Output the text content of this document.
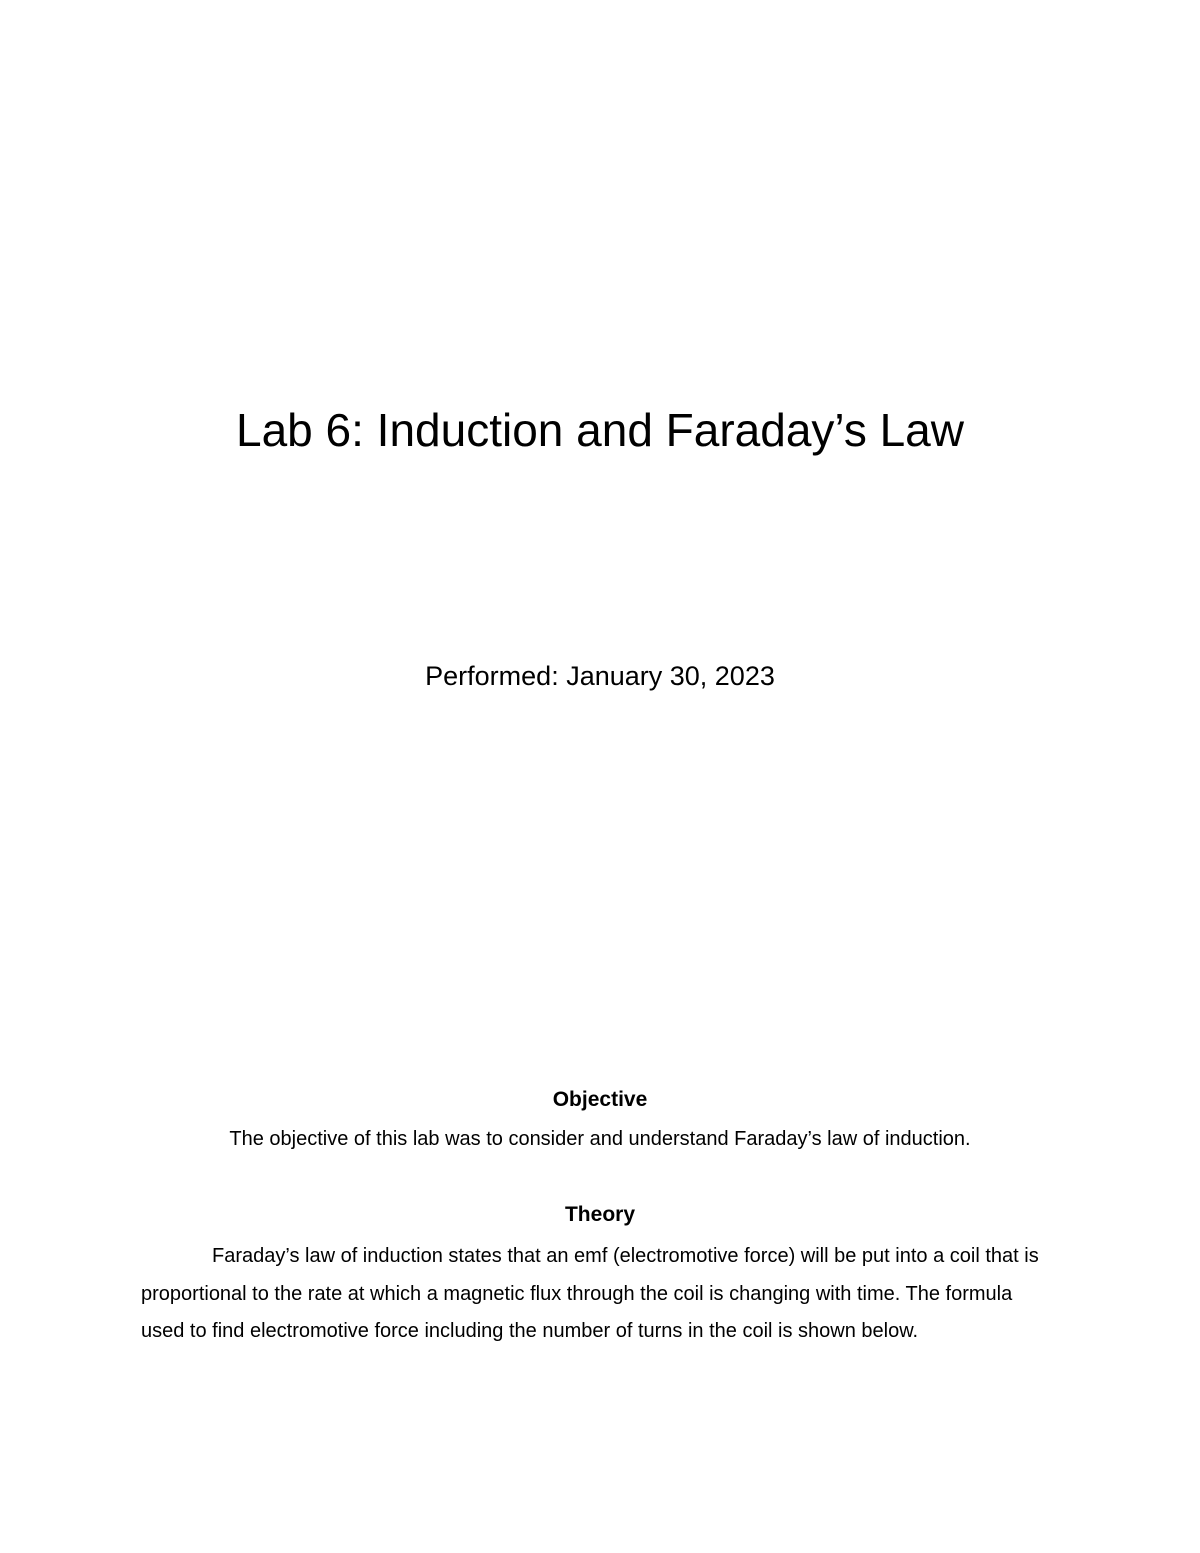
Lab 6: Induction and Faraday’s Law

Performed: January 30, 2023

Objective

The objective of this lab was to consider and understand Faraday’s law of induction.

Theory

Faraday’s law of induction states that an emf (electromotive force) will be put into a coil that is proportional to the rate at which a magnetic flux through the coil is changing with time. The formula used to find electromotive force including the number of turns in the coil is shown below.
